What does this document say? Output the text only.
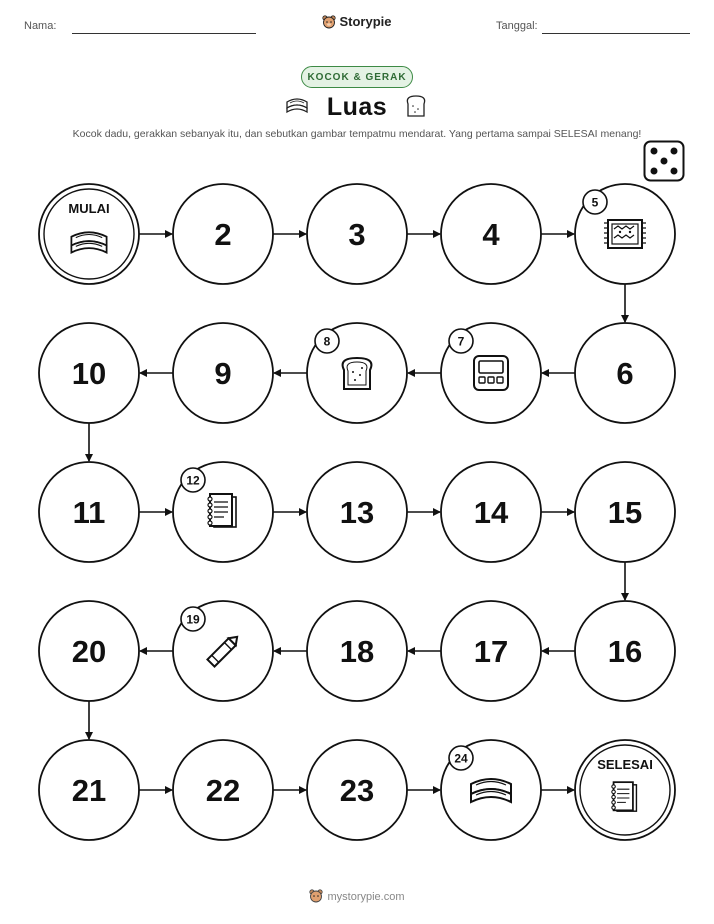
Nama:	Storypie	Tanggal:
KOCOK & GERAK
Luas
Kocok dadu, gerakkan sebanyak itu, dan sebutkan gambar tempatmu mendarat. Yang pertama sampai SELESAI menang!
MULAI
2	3	4
5
6
7
8
9
10
11
12
13	14	15
16
17
18
19
20
21	22	23
24	SELESAI
mystorypie.com
